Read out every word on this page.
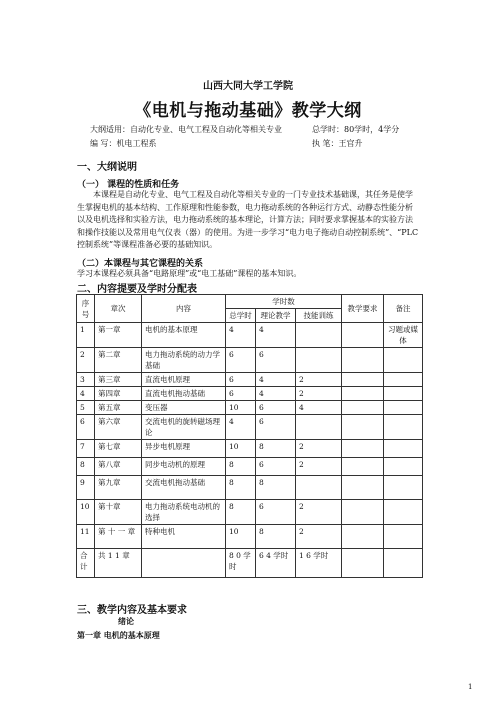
山西大同大学工学院
《电机与拖动基础》教学大纲
大纲适用：自动化专业、电气工程及自动化等相关专业	总学时：80学时，4学分
编 写：机电工程系	执 笔：王官升
一、大纲说明
（一） 课程的性质和任务
本课程是自动化专业、电气工程及自动化等相关专业的一门专业技术基础课，其任务是使学生掌握电机的基本结构、工作原理和性能参数，电力拖动系统的各种运行方式、动静态性能分析以及电机选择和实验方法，电力拖动系统的基本理论，计算方法；同时要求掌握基本的实验方法和操作技能以及常用电气仪表（器）的使用。为进一步学习“电力电子拖动自动控制系统”、“PLC控制系统”等课程准备必要的基础知识。
（二）本课程与其它课程的关系
学习本课程必须具备“电路原理”或“电工基础”课程的基本知识。
二、内容提要及学时分配表
序号	章次	内容	学时数			教学要求	备注
			总学时	理论教学	技能训练		
1	第一章	电机的基本原理	4	4			习题或媒体
2	第二章	电力拖动系统的动力学基础	6	6			
3	第三章	直流电机原理	6	4	2		
4	第四章	直流电机拖动基础	6	4	2		
5	第五章	变压器	10	6	4		
6	第六章	交流电机的旋转磁场理论	4	6			
7	第七章	异步电机原理	10	8	2		
8	第八章	同步电动机的原理	8	6	2		
9	第九章	交流电机拖动基础	8	8			
10	第十章	电力拖动系统电动机的选择	8	6	2		
11	第 十 一 章	特种电机	10	8	2		
合计	共 1 1 章		8 0 学时	6 4 学时	1 6 学时		
三、教学内容及基本要求
绪论
第一章 电机的基本原理
1
